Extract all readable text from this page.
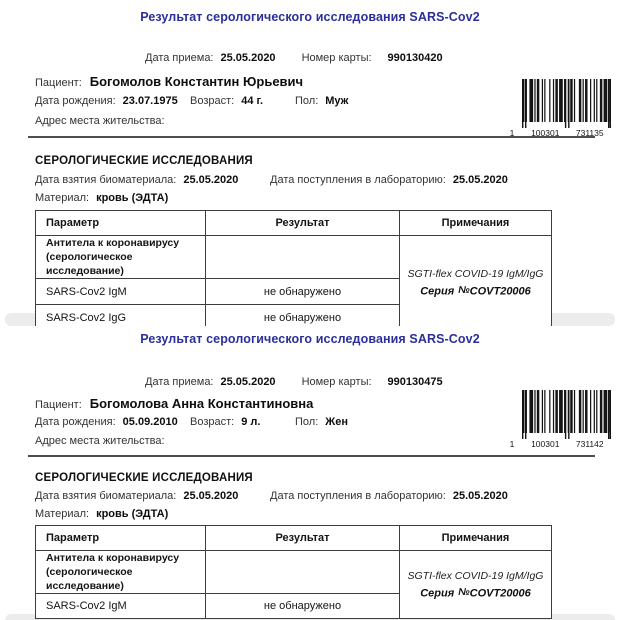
Результат серологического исследования SARS-Cov2
Дата приема: 25.05.2020 Номер карты: 990130420
Пациент: Богомолов Константин Юрьевич
Дата рождения: 23.07.1975 Возраст: 44 г.	Пол: Муж
Адрес места жительства:
1 100301 731135
СЕРОЛОГИЧЕСКИЕ ИССЛЕДОВАНИЯ
Дата взятия биоматериала: 25.05.2020	Дата поступления в лабораторию: 25.05.2020
Материал: кровь (ЭДТА)
Параметр	Результат	Примечания
Антитела к коронавирусу (серологическое исследование)		SGTI-flex COVID-19 IgM/IgG
Серия №COVT20006

SARS-Cov2 IgM	не обнаружено	
SARS-Cov2 IgG	не обнаружено	
Результат серологического исследования SARS-Cov2
Дата приема: 25.05.2020 Номер карты: 990130475
Пациент: Богомолова Анна Константиновна
Дата рождения: 05.09.2010 Возраст: 9 л.	Пол: Жен
Адрес места жительства:	1 100301 731142
СЕРОЛОГИЧЕСКИЕ ИССЛЕДОВАНИЯ
Дата взятия биоматериала: 25.05.2020	Дата поступления в лабораторию: 25.05.2020
Материал: кровь (ЭДТА)
Параметр	Результат	Примечания
Антитела к коронавирусу (серологическое исследование)		SGTI-flex COVID-19 IgM/IgG
Серия №COVT20006

SARS-Cov2 IgM	не обнаружено	
